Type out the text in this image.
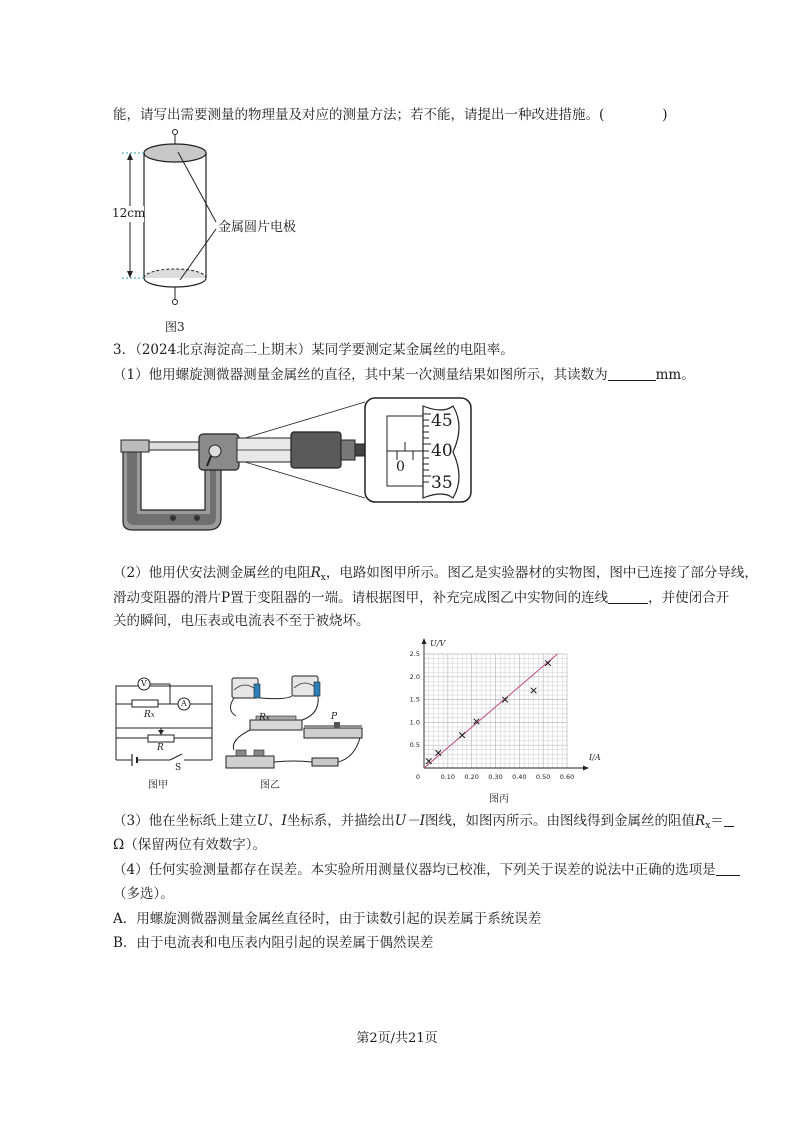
能，请写出需要测量的物理量及对应的测量方法；若不能，请提出一种改进措施。(	)
12cm
金属圆片电极
图3
3．（2024北京海淀高二上期末）某同学要测定某金属丝的电阻率。
（1）他用螺旋测微器测量金属丝的直径，其中某一次测量结果如图所示，其读数为	mm。
45
40
35
0
（2）他用伏安法测金属丝的电阻$R_x$，电路如图甲所示。图乙是实验器材的实物图，图中已连接了部分导线，
滑动变阻器的滑片P置于变阻器的一端。请根据图甲，补充完成图乙中实物间的连线	，并使闭合开
关的瞬间，电压表或电流表不至于被烧坏。
V
A
Rx
R
S
图甲
Rx	P
图乙
0	0.10 0.20 0.30 0.40 0.50 0.60
0.5
1.0
1.5
2.0
2.5
I/A
U/V
图丙
（3）他在坐标纸上建立U、I坐标系，并描绘出U－I图线，如图丙所示。由图线得到金属丝的阻值$R_x=$
Ω（保留两位有效数字）。
（4）任何实验测量都存在误差。本实验所用测量仪器均已校准，下列关于误差的说法中正确的选项是
（多选）。
A．用螺旋测微器测量金属丝直径时，由于读数引起的误差属于系统误差
B．由于电流表和电压表内阻引起的误差属于偶然误差
第2页/共21页
